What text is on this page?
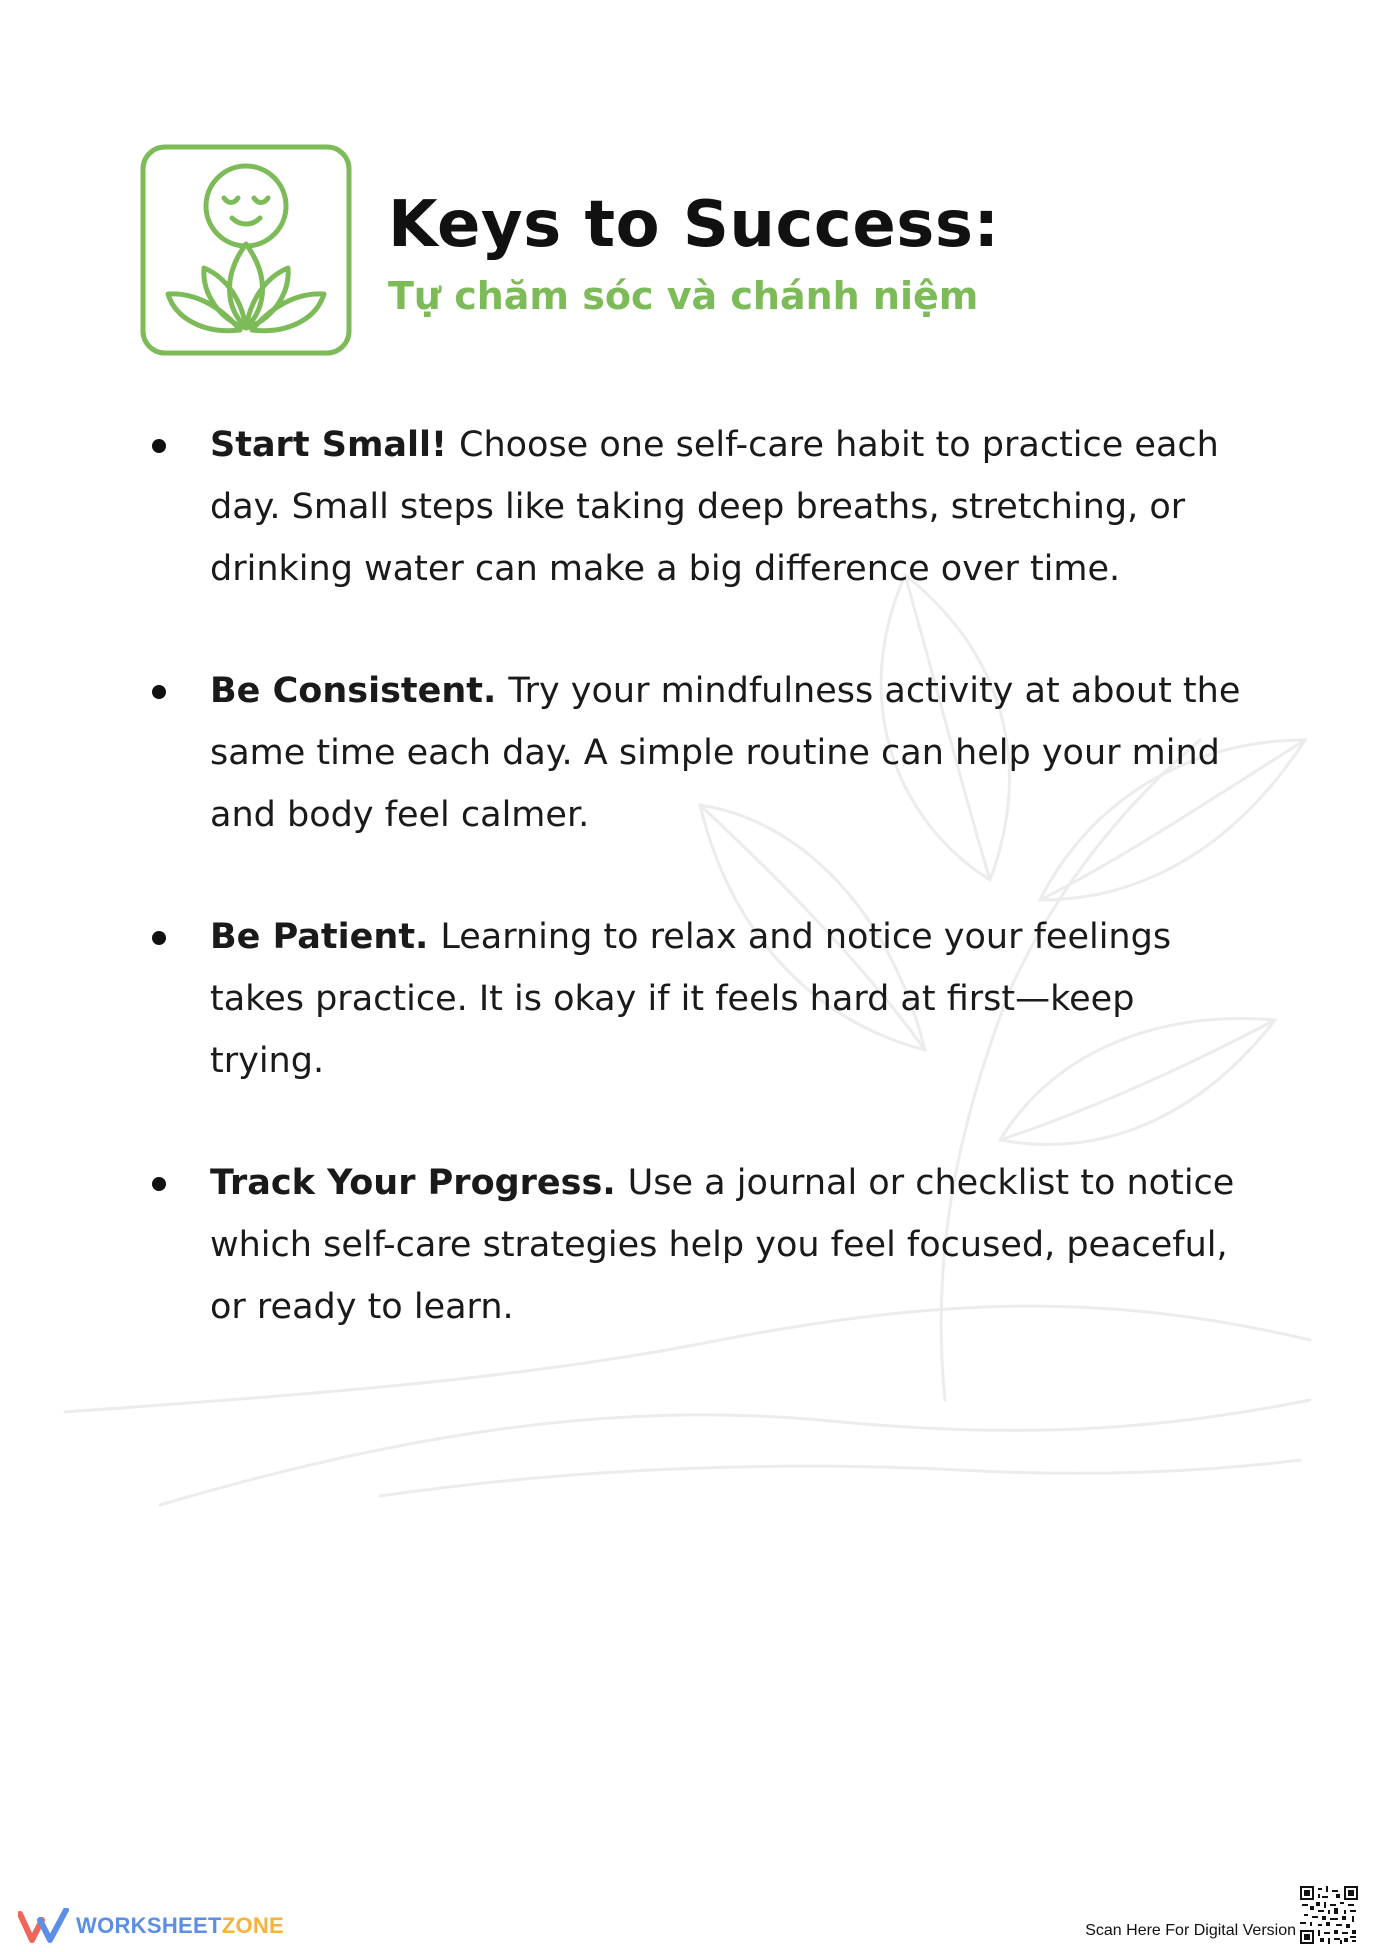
Keys to Success:
Tự chăm sóc và chánh niệm
Start Small! Choose one self-care habit to practice each day. Small steps like taking deep breaths, stretching, or drinking water can make a big difference over time.
Be Consistent. Try your mindfulness activity at about the same time each day. A simple routine can help your mind and body feel calmer.
Be Patient. Learning to relax and notice your feelings takes practice. It is okay if it feels hard at first—keep trying.
Track Your Progress. Use a journal or checklist to notice which self-care strategies help you feel focused, peaceful, or ready to learn.
WORKSHEETZONE	Scan Here For Digital Version
